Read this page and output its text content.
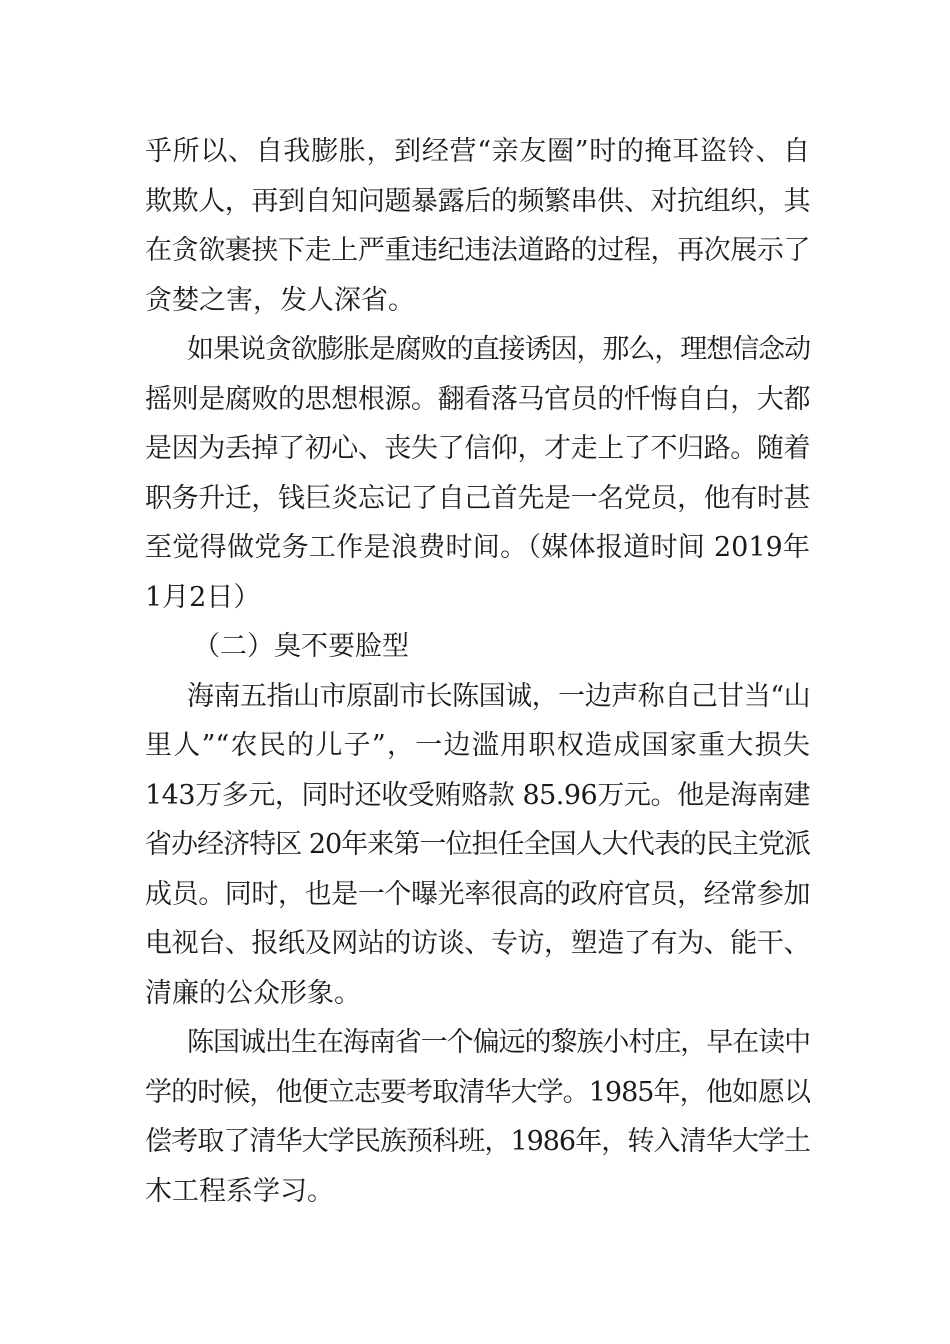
乎所以、自我膨胀，到经营“亲友圈”时的掩耳盗铃、自
欺欺人，再到自知问题暴露后的频繁串供、对抗组织，其
在贪欲裹挟下走上严重违纪违法道路的过程，再次展示了
贪婪之害，发人深省。
如果说贪欲膨胀是腐败的直接诱因，那么，理想信念动
摇则是腐败的思想根源。翻看落马官员的忏悔自白，大都
是因为丢掉了初心、丧失了信仰，才走上了不归路。随着
职务升迁，钱巨炎忘记了自己首先是一名党员，他有时甚
至觉得做党务工作是浪费时间。（媒体报道时间 2019年
1月2日）
（二）臭不要脸型
海南五指山市原副市长陈国诚，一边声称自己甘当“山
里人”“农民的儿子”，一边滥用职权造成国家重大损失
143万多元，同时还收受贿赂款 85.96万元。他是海南建
省办经济特区 20年来第一位担任全国人大代表的民主党派
成员。同时，也是一个曝光率很高的政府官员，经常参加
电视台、报纸及网站的访谈、专访，塑造了有为、能干、
清廉的公众形象。
陈国诚出生在海南省一个偏远的黎族小村庄，早在读中
学的时候，他便立志要考取清华大学。1985年，他如愿以
偿考取了清华大学民族预科班，1986年，转入清华大学土
木工程系学习。
